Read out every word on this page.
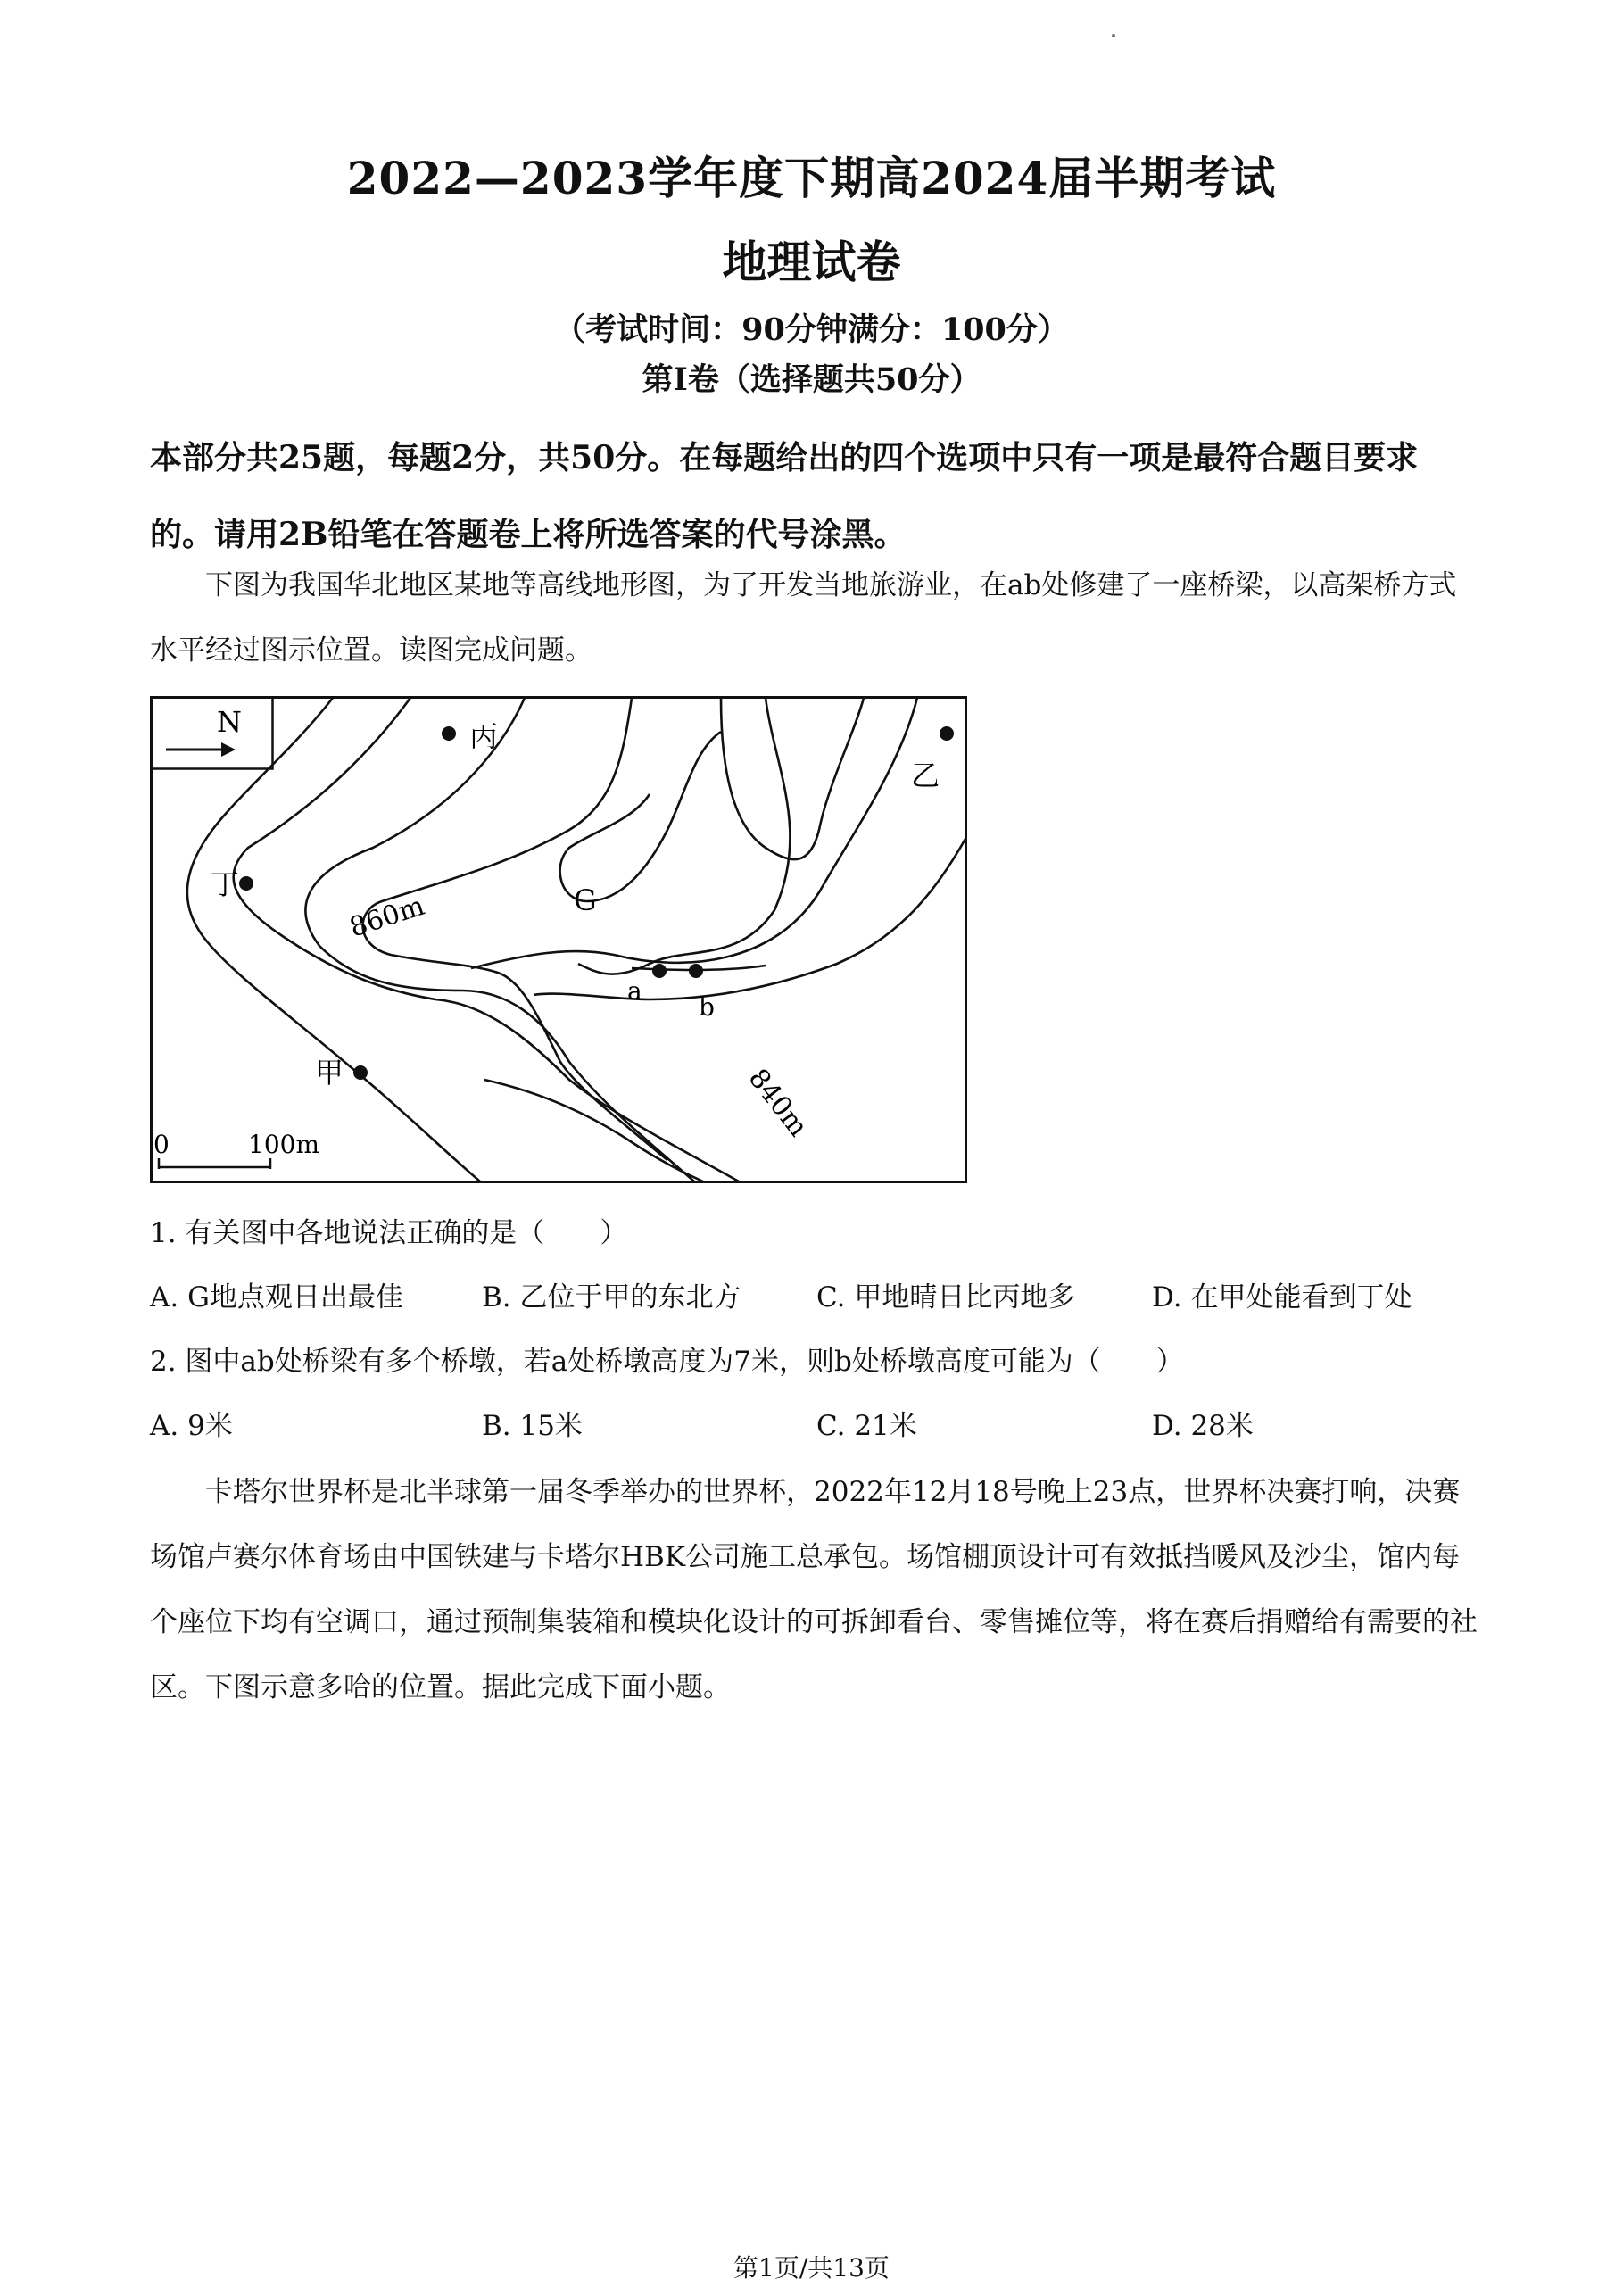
2022—2023学年度下期高2024届半期考试
地理试卷
（考试时间：90分钟满分：100分）
第Ⅰ卷（选择题共50分）
本部分共25题，每题2分，共50分。在每题给出的四个选项中只有一项是最符合题目要求的。请用2B铅笔在答题卷上将所选答案的代号涂黑。
下图为我国华北地区某地等高线地形图，为了开发当地旅游业，在ab处修建了一座桥梁，以高架桥方式水平经过图示位置。读图完成问题。
N
a
b
860m
840m
丙
乙
丁
甲
G
0	100m
1. 有关图中各地说法正确的是（　　）
A. G地点观日出最佳	B. 乙位于甲的东北方	C. 甲地晴日比丙地多	D. 在甲处能看到丁处
2. 图中ab处桥梁有多个桥墩，若a处桥墩高度为7米，则b处桥墩高度可能为（　　）
A. 9米	B. 15米	C. 21米	D. 28米
卡塔尔世界杯是北半球第一届冬季举办的世界杯，2022年12月18号晚上23点，世界杯决赛打响，决赛场馆卢赛尔体育场由中国铁建与卡塔尔HBK公司施工总承包。场馆棚顶设计可有效抵挡暖风及沙尘，馆内每个座位下均有空调口，通过预制集装箱和模块化设计的可拆卸看台、零售摊位等，将在赛后捐赠给有需要的社区。下图示意多哈的位置。据此完成下面小题。
第1页/共13页
